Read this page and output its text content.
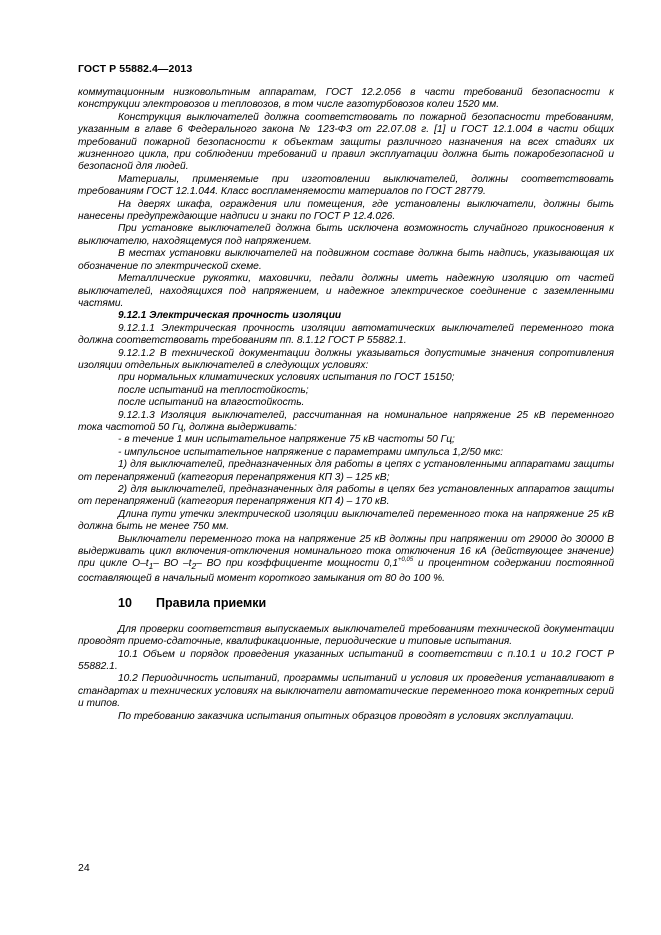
ГОСТ Р 55882.4—2013

коммутационным низковольтным аппаратам, ГОСТ 12.2.056 в части требований безопасности к конструкции электровозов и тепловозов, в том числе газотурбовозов колеи 1520 мм.

Конструкция выключателей должна соответствовать по пожарной безопасности требованиям, указанным в главе 6 Федерального закона № 123-ФЗ от 22.07.08 г. [1] и ГОСТ 12.1.004 в части общих требований пожарной безопасности к объектам защиты различного назначения на всех стадиях их жизненного цикла, при соблюдении требований и правил эксплуатации должна быть пожаробезопасной и безопасной для людей.

Материалы, применяемые при изготовлении выключателей, должны соответствовать требованиям ГОСТ 12.1.044. Класс воспламеняемости материалов по ГОСТ 28779.

На дверях шкафа, ограждения или помещения, где установлены выключатели, должны быть нанесены предупреждающие надписи и знаки по ГОСТ Р 12.4.026.

При установке выключателей должна быть исключена возможность случайного прикосновения к выключателю, находящемуся под напряжением.

В местах установки выключателей на подвижном составе должна быть надпись, указывающая их обозначение по электрической схеме.

Металлические рукоятки, маховички, педали должны иметь надежную изоляцию от частей выключателей, находящихся под напряжением, и надежное электрическое соединение с заземленными частями.

9.12.1 Электрическая прочность изоляции

9.12.1.1 Электрическая прочность изоляции автоматических выключателей переменного тока должна соответствовать требованиям пп. 8.1.12 ГОСТ Р 55882.1.

9.12.1.2 В технической документации должны указываться допустимые значения сопротивления изоляции отдельных выключателей в следующих условиях:

при нормальных климатических условиях испытания по ГОСТ 15150;

после испытаний на теплостойкость;

после испытаний на влагостойкость.

9.12.1.3 Изоляция выключателей, рассчитанная на номинальное напряжение 25 кВ переменного тока частотой 50 Гц, должна выдерживать:

- в течение 1 мин испытательное напряжение 75 кВ частоты 50 Гц;

- импульсное испытательное напряжение с параметрами импульса 1,2/50 мкс:

1) для выключателей, предназначенных для работы в цепях с установленными аппаратами защиты от перенапряжений (категория перенапряжения КП 3) – 125 кВ;

2) для выключателей, предназначенных для работы в цепях без установленных аппаратов защиты от перенапряжений (категория перенапряжения КП 4) – 170 кВ.

Длина пути утечки электрической изоляции выключателей переменного тока на напряжение 25 кВ должна быть не менее 750 мм.

Выключатели переменного тока на напряжение 25 кВ должны при напряжении от 29000 до 30000 В выдерживать цикл включения-отключения номинального тока отключения 16 кА (действующее значение) при цикле $О-t_1-$ ВО $-t_2-$ ВО при коэффициенте мощности $0,1^{+0,05}$ и процентном содержании постоянной составляющей в начальный момент короткого замыкания от 80 до 100 %.

10 Правила приемки

Для проверки соответствия выпускаемых выключателей требованиям технической документации проводят приемо-сдаточные, квалификационные, периодические и типовые испытания.

10.1 Объем и порядок проведения указанных испытаний в соответствии с п.10.1 и 10.2 ГОСТ Р 55882.1.

10.2 Периодичность испытаний, программы испытаний и условия их проведения устанавливают в стандартах и технических условиях на выключатели автоматические переменного тока конкретных серий и типов.

По требованию заказчика испытания опытных образцов проводят в условиях эксплуатации.

24
